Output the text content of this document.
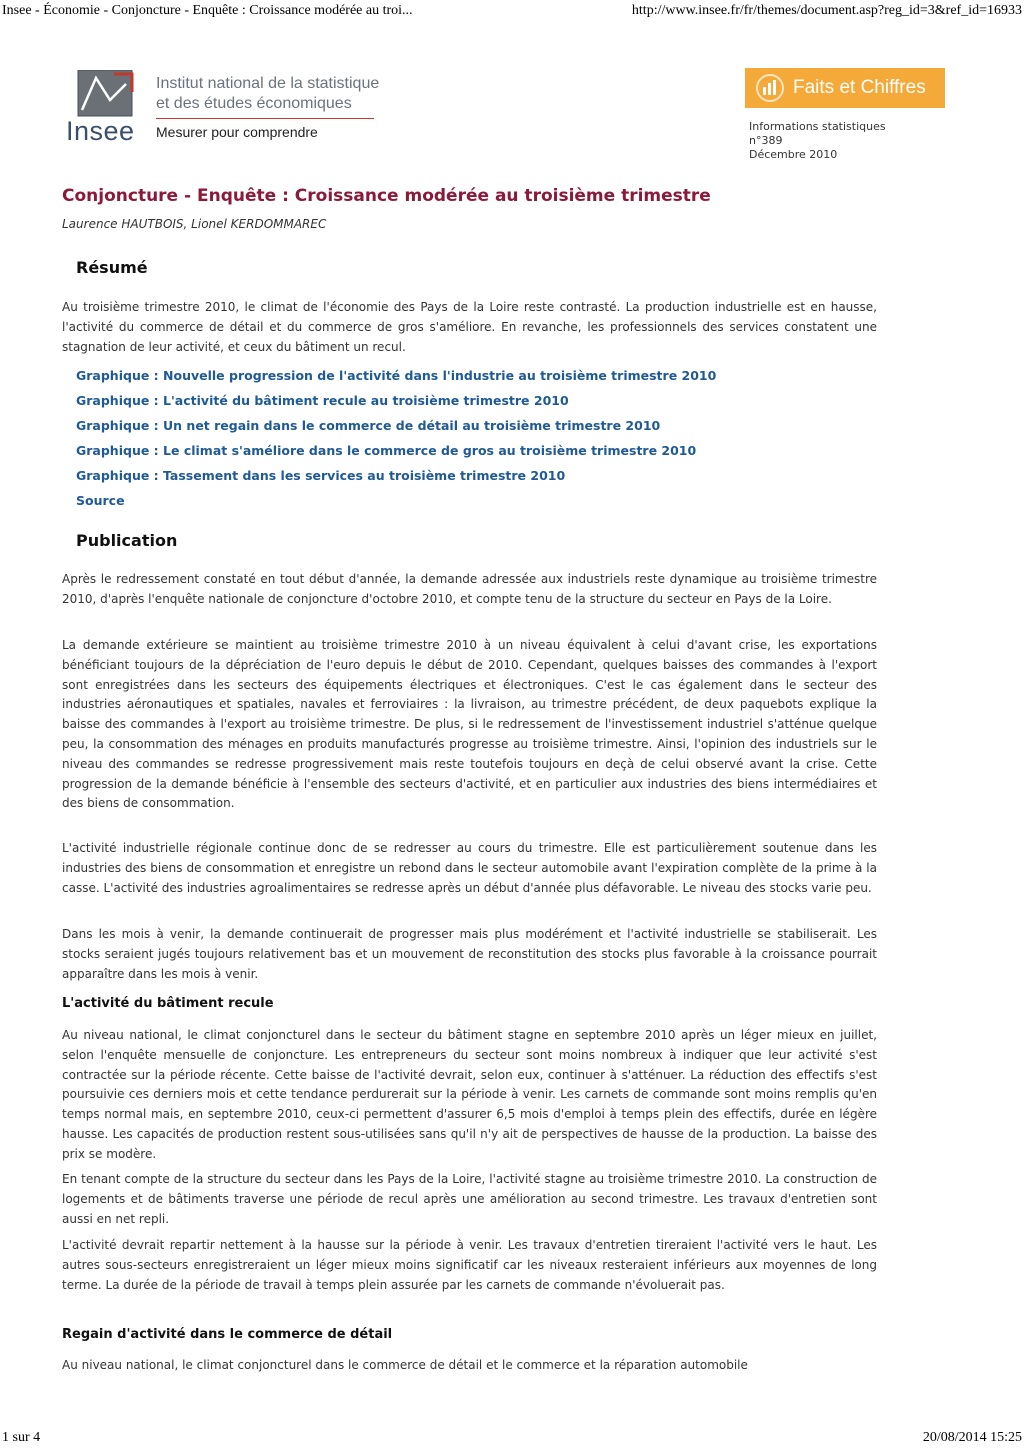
Insee - Économie - Conjoncture - Enquête : Croissance modérée au troi...	http://www.insee.fr/fr/themes/document.asp?reg_id=3&ref_id=16933
Insee
Institut national de la statistique
et des études économiques
Mesurer pour comprendre
Faits et Chiffres
Informations statistiques
n°389
Décembre 2010
Conjoncture - Enquête : Croissance modérée au troisième trimestre
Laurence HAUTBOIS, Lionel KERDOMMAREC
Résumé

Au troisième trimestre 2010, le climat de l'économie des Pays de la Loire reste contrasté. La production industrielle est en hausse, l'activité du commerce de détail et du commerce de gros s'améliore. En revanche, les professionnels des services constatent une stagnation de leur activité, et ceux du bâtiment un recul.

Graphique : Nouvelle progression de l'activité dans l'industrie au troisième trimestre 2010
Graphique : L'activité du bâtiment recule au troisième trimestre 2010
Graphique : Un net regain dans le commerce de détail au troisième trimestre 2010
Graphique : Le climat s'améliore dans le commerce de gros au troisième trimestre 2010
Graphique : Tassement dans les services au troisième trimestre 2010
Source
Publication

Après le redressement constaté en tout début d'année, la demande adressée aux industriels reste dynamique au troisième trimestre 2010, d'après l'enquête nationale de conjoncture d'octobre 2010, et compte tenu de la structure du secteur en Pays de la Loire.

La demande extérieure se maintient au troisième trimestre 2010 à un niveau équivalent à celui d'avant crise, les exportations bénéficiant toujours de la dépréciation de l'euro depuis le début de 2010. Cependant, quelques baisses des commandes à l'export sont enregistrées dans les secteurs des équipements électriques et électroniques. C'est le cas également dans le secteur des industries aéronautiques et spatiales, navales et ferroviaires : la livraison, au trimestre précédent, de deux paquebots explique la baisse des commandes à l'export au troisième trimestre. De plus, si le redressement de l'investissement industriel s'atténue quelque peu, la consommation des ménages en produits manufacturés progresse au troisième trimestre. Ainsi, l'opinion des industriels sur le niveau des commandes se redresse progressivement mais reste toutefois toujours en deçà de celui observé avant la crise. Cette progression de la demande bénéficie à l'ensemble des secteurs d'activité, et en particulier aux industries des biens intermédiaires et des biens de consommation.

L'activité industrielle régionale continue donc de se redresser au cours du trimestre. Elle est particulièrement soutenue dans les industries des biens de consommation et enregistre un rebond dans le secteur automobile avant l'expiration complète de la prime à la casse. L'activité des industries agroalimentaires se redresse après un début d'année plus défavorable. Le niveau des stocks varie peu.

Dans les mois à venir, la demande continuerait de progresser mais plus modérément et l'activité industrielle se stabiliserait. Les stocks seraient jugés toujours relativement bas et un mouvement de reconstitution des stocks plus favorable à la croissance pourrait apparaître dans les mois à venir.

L'activité du bâtiment recule

Au niveau national, le climat conjoncturel dans le secteur du bâtiment stagne en septembre 2010 après un léger mieux en juillet, selon l'enquête mensuelle de conjoncture. Les entrepreneurs du secteur sont moins nombreux à indiquer que leur activité s'est contractée sur la période récente. Cette baisse de l'activité devrait, selon eux, continuer à s'atténuer. La réduction des effectifs s'est poursuivie ces derniers mois et cette tendance perdurerait sur la période à venir. Les carnets de commande sont moins remplis qu'en temps normal mais, en septembre 2010, ceux-ci permettent d'assurer 6,5 mois d'emploi à temps plein des effectifs, durée en légère hausse. Les capacités de production restent sous-utilisées sans qu'il n'y ait de perspectives de hausse de la production. La baisse des prix se modère.

En tenant compte de la structure du secteur dans les Pays de la Loire, l'activité stagne au troisième trimestre 2010. La construction de logements et de bâtiments traverse une période de recul après une amélioration au second trimestre. Les travaux d'entretien sont aussi en net repli.

L'activité devrait repartir nettement à la hausse sur la période à venir. Les travaux d'entretien tireraient l'activité vers le haut. Les autres sous-secteurs enregistreraient un léger mieux moins significatif car les niveaux resteraient inférieurs aux moyennes de long terme. La durée de la période de travail à temps plein assurée par les carnets de commande n'évoluerait pas.

Regain d'activité dans le commerce de détail

Au niveau national, le climat conjoncturel dans le commerce de détail et le commerce et la réparation automobile

1 sur 4	20/08/2014 15:25
